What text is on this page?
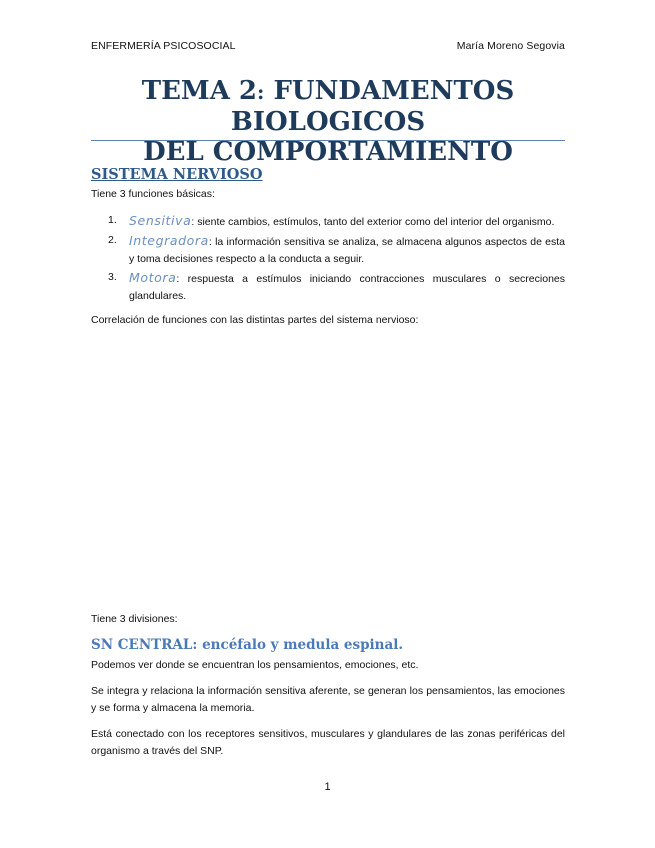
ENFERMERÍA PSICOSOCIAL	María Moreno Segovia
TEMA 2: FUNDAMENTOS BIOLOGICOS
DEL COMPORTAMIENTO
SISTEMA NERVIOSO
Tiene 3 funciones básicas:
1. Sensitiva: siente cambios, estímulos, tanto del exterior como del interior del organismo.
2. Integradora: la información sensitiva se analiza, se almacena algunos aspectos de esta y toma decisiones respecto a la conducta a seguir.
3. Motora: respuesta a estímulos iniciando contracciones musculares o secreciones glandulares.
Correlación de funciones con las distintas partes del sistema nervioso:
Tiene 3 divisiones:
SN CENTRAL: encéfalo y medula espinal.
Podemos ver donde se encuentran los pensamientos, emociones, etc.
Se integra y relaciona la información sensitiva aferente, se generan los pensamientos, las emociones y se forma y almacena la memoria.
Está conectado con los receptores sensitivos, musculares y glandulares de las zonas periféricas del organismo a través del SNP.
1
